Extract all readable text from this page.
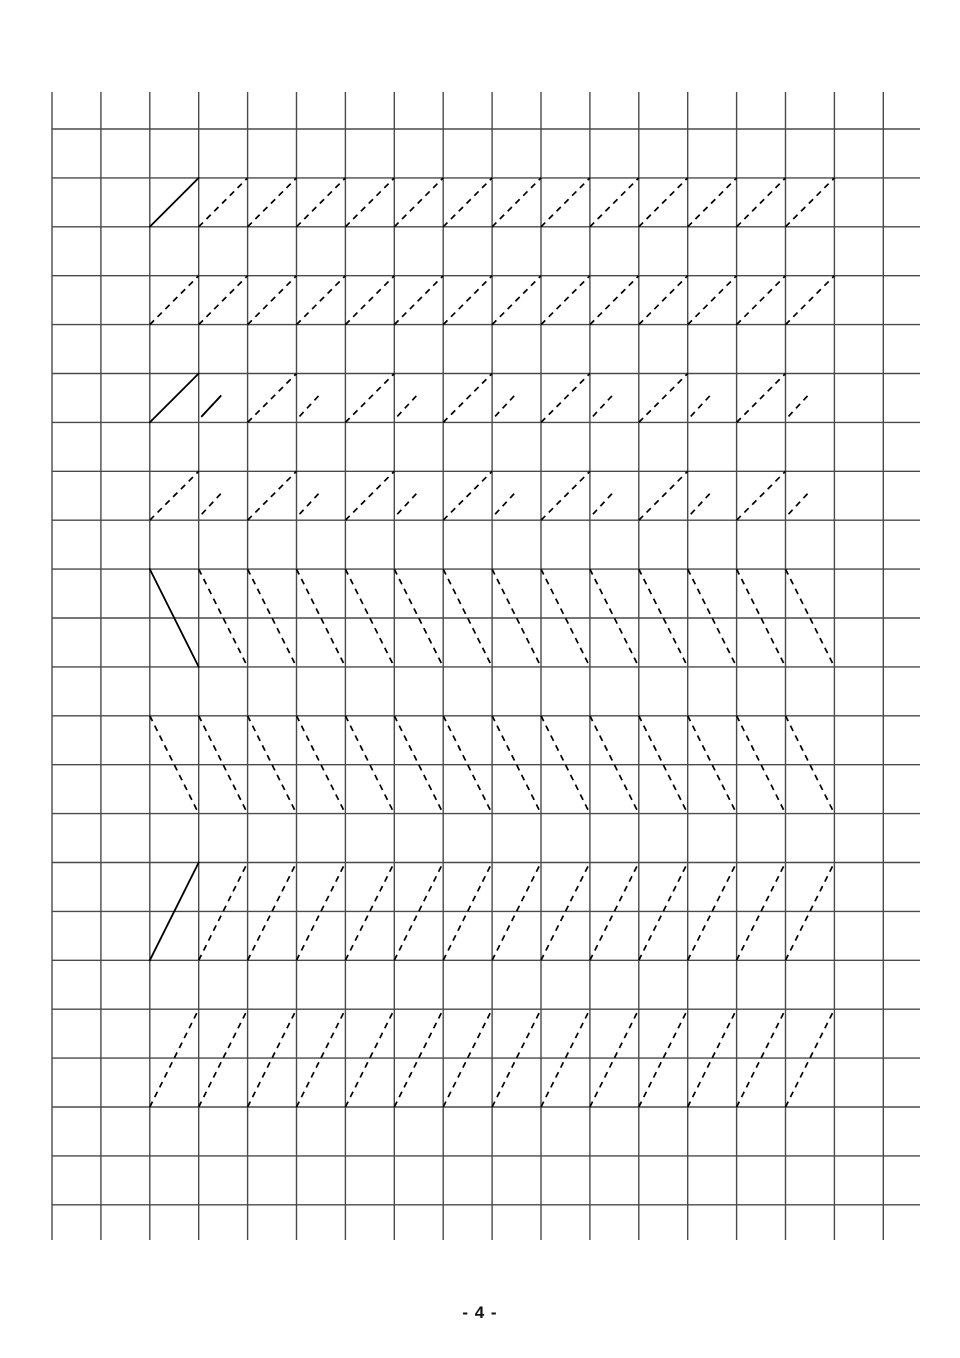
- 4 -
